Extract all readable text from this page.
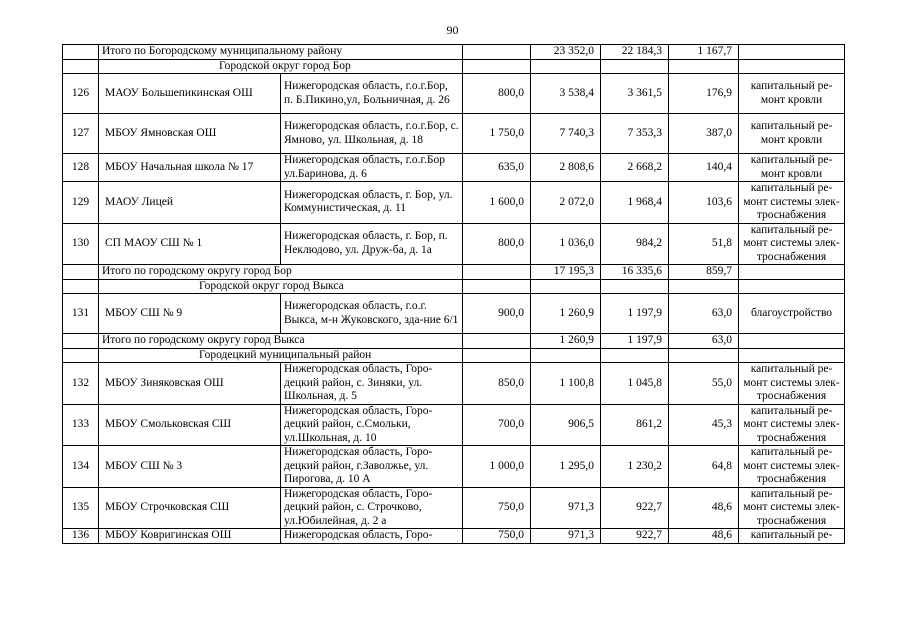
90
	Итого по Богородскому муниципальному району			23 352,0	22 184,3	1 167,7	
	Городской округ город Бор						
126	МАОУ Большепикинская ОШ	Нижегородская область, г.о.г.Бор, п. Б.Пикино,ул, Больничная, д. 26	800,0	3 538,4	3 361,5	176,9	капитальный ре-монт кровли
127	МБОУ Ямновская ОШ	Нижегородская область, г.о.г.Бор, с. Ямново, ул. Школьная, д. 18	1 750,0	7 740,3	7 353,3	387,0	капитальный ре-монт кровли
128	МБОУ Начальная школа № 17	Нижегородская область, г.о.г.Бор ул.Баринова, д. 6	635,0	2 808,6	2 668,2	140,4	капитальный ре-монт кровли
129	МАОУ Лицей	Нижегородская область, г. Бор, ул. Коммунистическая, д. 11	1 600,0	2 072,0	1 968,4	103,6	капитальный ре-монт системы элек-троснабжения
130	СП МАОУ СШ № 1	Нижегородская область, г. Бор, п. Неклюдово, ул. Друж-ба, д. 1а	800,0	1 036,0	984,2	51,8	капитальный ре-монт системы элек-троснабжения
	Итого по городскому округу город Бор			17 195,3	16 335,6	859,7	
	Городской округ город Выкса						
131	МБОУ СШ № 9	Нижегородская область, г.о.г. Выкса, м-н Жуковского, зда-ние 6/1	900,0	1 260,9	1 197,9	63,0	благоустройство
	Итого по городскому округу город Выкса			1 260,9	1 197,9	63,0	
	Городецкий муниципальный район						
132	МБОУ Зиняковская ОШ	Нижегородская область, Горо-децкий район, с. Зиняки, ул. Школьная, д. 5	850,0	1 100,8	1 045,8	55,0	капитальный ре-монт системы элек-троснабжения
133	МБОУ Смольковская СШ	Нижегородская область, Горо-децкий район, с.Смольки, ул.Школьная, д. 10	700,0	906,5	861,2	45,3	капитальный ре-монт системы элек-троснабжения
134	МБОУ СШ № 3	Нижегородская область, Горо-децкий район, г.Заволжье, ул. Пирогова, д. 10 А	1 000,0	1 295,0	1 230,2	64,8	капитальный ре-монт системы элек-троснабжения
135	МБОУ Строчковская СШ	Нижегородская область, Горо-децкий район, с. Строчково, ул.Юбилейная, д. 2 а	750,0	971,3	922,7	48,6	капитальный ре-монт системы элек-троснабжения
136	МБОУ Ковригинская ОШ	Нижегородская область, Горо-	750,0	971,3	922,7	48,6	капитальный ре-
